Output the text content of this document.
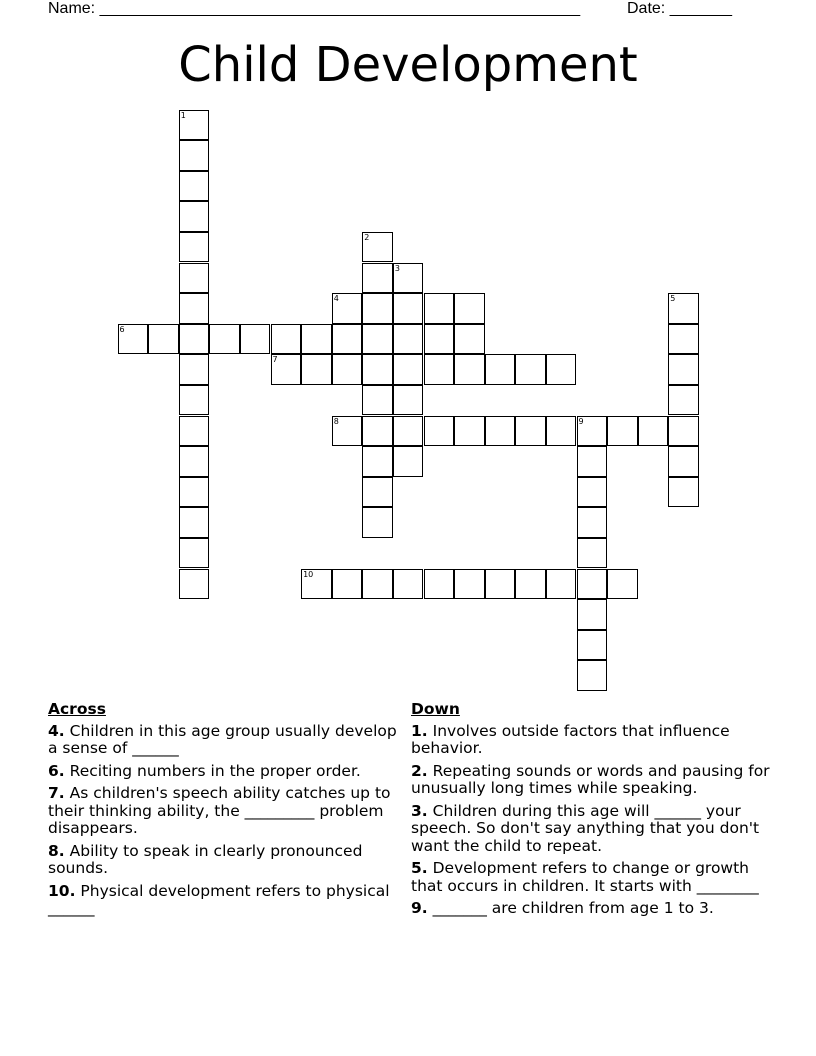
Name: ______________________________________________________	Date: _______
Child Development
1
2
3
4	5
6
7
8	9
10
Across
4. Children in this age group usually develop a sense of ______
6. Reciting numbers in the proper order.
7. As children's speech ability catches up to their thinking ability, the _________ problem disappears.
8. Ability to speak in clearly pronounced sounds.
10. Physical development refers to physical ______
Down
1. Involves outside factors that influence behavior.
2. Repeating sounds or words and pausing for unusually long times while speaking.
3. Children during this age will ______ your speech. So don't say anything that you don't want the child to repeat.
5. Development refers to change or growth that occurs in children. It starts with ________
9. _______ are children from age 1 to 3.
